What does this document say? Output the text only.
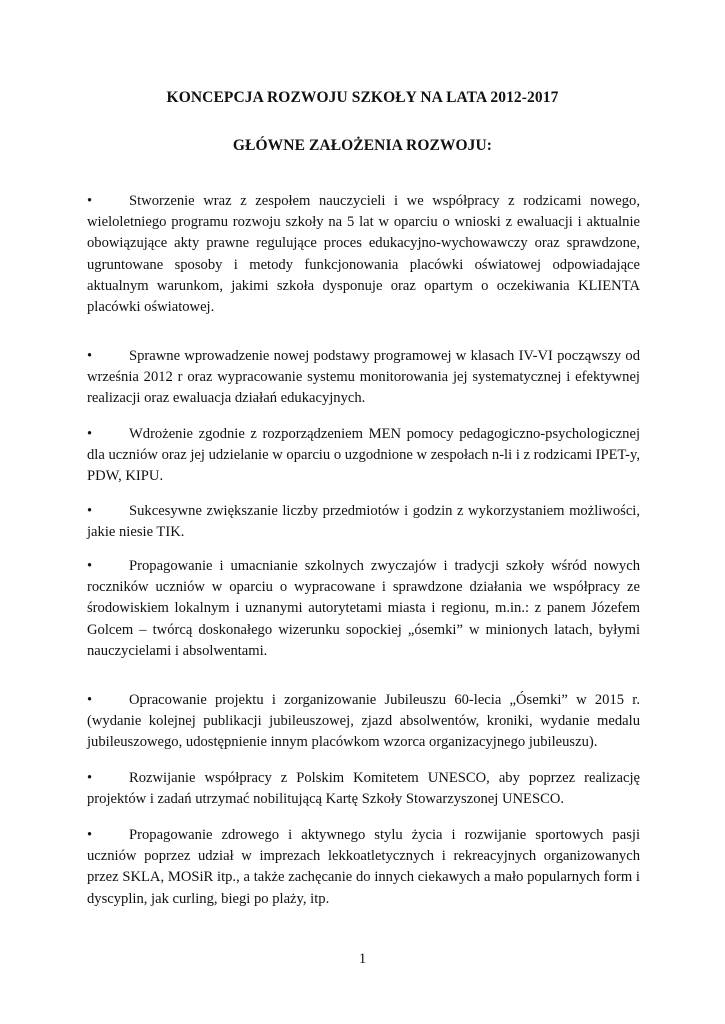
KONCEPCJA ROZWOJU SZKOŁY NA LATA 2012-2017
GŁÓWNE ZAŁOŻENIA ROZWOJU:
•	Stworzenie wraz z zespołem nauczycieli i we współpracy z rodzicami nowego, wieloletniego programu rozwoju szkoły na 5 lat w oparciu o wnioski z ewaluacji i aktualnie obowiązujące akty prawne regulujące proces edukacyjno-wychowawczy oraz sprawdzone, ugruntowane sposoby i metody funkcjonowania placówki oświatowej odpowiadające aktualnym warunkom, jakimi szkoła dysponuje oraz opartym o oczekiwania KLIENTA placówki oświatowej.
•	Sprawne wprowadzenie nowej podstawy programowej w klasach IV-VI począwszy od września 2012 r oraz wypracowanie systemu monitorowania jej systematycznej i efektywnej realizacji oraz ewaluacja działań edukacyjnych.
•	Wdrożenie zgodnie z rozporządzeniem MEN pomocy pedagogiczno-psychologicznej dla uczniów oraz jej udzielanie w oparciu o uzgodnione w zespołach n-li i z rodzicami IPET-y, PDW, KIPU.
•	Sukcesywne zwiększanie liczby przedmiotów i godzin z wykorzystaniem możliwości, jakie niesie TIK.
•	Propagowanie i umacnianie szkolnych zwyczajów i tradycji szkoły wśród nowych roczników uczniów w oparciu o wypracowane i sprawdzone działania we współpracy ze środowiskiem lokalnym i uznanymi autorytetami miasta i regionu, m.in.: z panem Józefem Golcem – twórcą doskonałego wizerunku sopockiej „ósemki” w minionych latach, byłymi nauczycielami i absolwentami.
•	Opracowanie projektu i zorganizowanie Jubileuszu 60-lecia „Ósemki” w 2015 r. (wydanie kolejnej publikacji jubileuszowej, zjazd absolwentów, kroniki, wydanie medalu jubileuszowego, udostępnienie innym placówkom wzorca organizacyjnego jubileuszu).
•	Rozwijanie współpracy z Polskim Komitetem UNESCO, aby poprzez realizację projektów i zadań utrzymać nobilitującą Kartę Szkoły Stowarzyszonej UNESCO.
•	Propagowanie zdrowego i aktywnego stylu życia i rozwijanie sportowych pasji uczniów poprzez udział w imprezach lekkoatletycznych i rekreacyjnych organizowanych przez SKLA, MOSiR itp., a także zachęcanie do innych ciekawych a mało popularnych form i dyscyplin, jak curling, biegi po plaży, itp.
1
